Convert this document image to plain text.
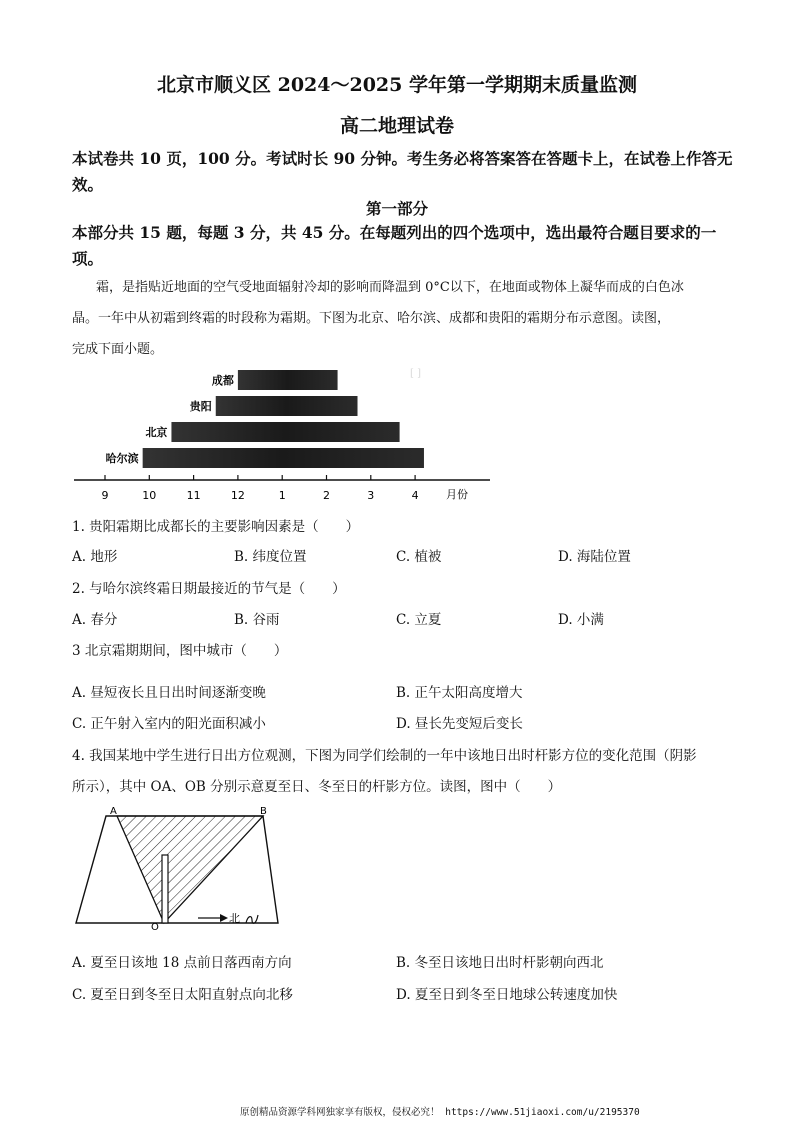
北京市顺义区 2024～2025 学年第一学期期末质量监测
高二地理试卷
本试卷共 10 页，100 分。考试时长 90 分钟。考生务必将答案答在答题卡上，在试卷上作答无
效。
第一部分
本部分共 15 题，每题 3 分，共 45 分。在每题列出的四个选项中，选出最符合题目要求的一
项。
霜，是指贴近地面的空气受地面辐射冷却的影响而降温到 0°C以下，在地面或物体上凝华而成的白色冰
晶。一年中从初霜到终霜的时段称为霜期。下图为北京、哈尔滨、成都和贵阳的霜期分布示意图。读图，
完成下面小题。
成都
贵阳
北京
哈尔滨
9	10	11	12	1	2	3	4 月份
[ ]
1. 贵阳霜期比成都长的主要影响因素是（　　）
A. 地形	B. 纬度位置	C. 植被	D. 海陆位置
2. 与哈尔滨终霜日期最接近的节气是（　　）
A. 春分	B. 谷雨	C. 立夏	D. 小满
3 北京霜期期间，图中城市（　　）
A. 昼短夜长且日出时间逐渐变晚	B. 正午太阳高度增大
C. 正午射入室内的阳光面积减小	D. 昼长先变短后变长
4. 我国某地中学生进行日出方位观测，下图为同学们绘制的一年中该地日出时杆影方位的变化范围（阴影
所示），其中 OA、OB 分别示意夏至日、冬至日的杆影方位。读图，图中（　　）
A	B
O
北
A. 夏至日该地 18 点前日落西南方向	B. 冬至日该地日出时杆影朝向西北
C. 夏至日到冬至日太阳直射点向北移	D. 夏至日到冬至日地球公转速度加快
原创精品资源学科网独家享有版权，侵权必究！ https://www.51jiaoxi.com/u/2195370
